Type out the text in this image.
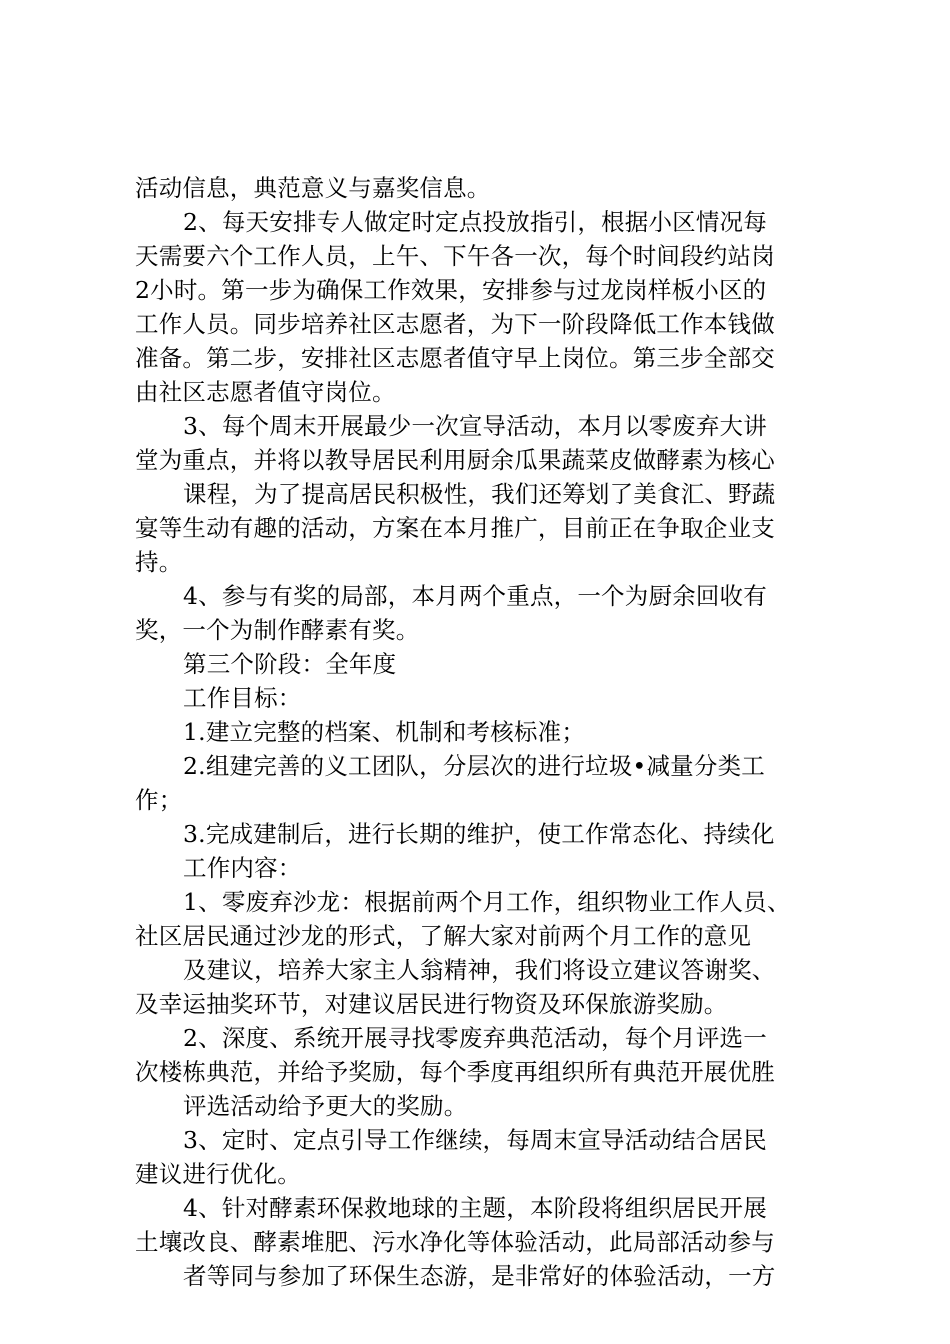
活动信息，典范意义与嘉奖信息。
2、每天安排专人做定时定点投放指引，根据小区情况每
天需要六个工作人员，上午、下午各一次，每个时间段约站岗
2小时。第一步为确保工作效果，安排参与过龙岗样板小区的
工作人员。同步培养社区志愿者，为下一阶段降低工作本钱做
准备。第二步，安排社区志愿者值守早上岗位。第三步全部交
由社区志愿者值守岗位。
3、每个周末开展最少一次宣导活动，本月以零废弃大讲
堂为重点，并将以教导居民利用厨余瓜果蔬菜皮做酵素为核心
课程，为了提高居民积极性，我们还筹划了美食汇、野蔬
宴等生动有趣的活动，方案在本月推广，目前正在争取企业支
持。
4、参与有奖的局部，本月两个重点，一个为厨余回收有
奖，一个为制作酵素有奖。
第三个阶段：全年度
工作目标：
1.建立完整的档案、机制和考核标准；
2.组建完善的义工团队，分层次的进行垃圾•减量分类工
作；
3.完成建制后，进行长期的维护，使工作常态化、持续化
工作内容：
1、零废弃沙龙：根据前两个月工作，组织物业工作人员、
社区居民通过沙龙的形式，了解大家对前两个月工作的意见
及建议，培养大家主人翁精神，我们将设立建议答谢奖、
及幸运抽奖环节，对建议居民进行物资及环保旅游奖励。
2、深度、系统开展寻找零废弃典范活动，每个月评选一
次楼栋典范，并给予奖励，每个季度再组织所有典范开展优胜
评选活动给予更大的奖励。
3、定时、定点引导工作继续，每周末宣导活动结合居民
建议进行优化。
4、针对酵素环保救地球的主题，本阶段将组织居民开展
土壤改良、酵素堆肥、污水净化等体验活动，此局部活动参与
者等同与参加了环保生态游，是非常好的体验活动，一方
